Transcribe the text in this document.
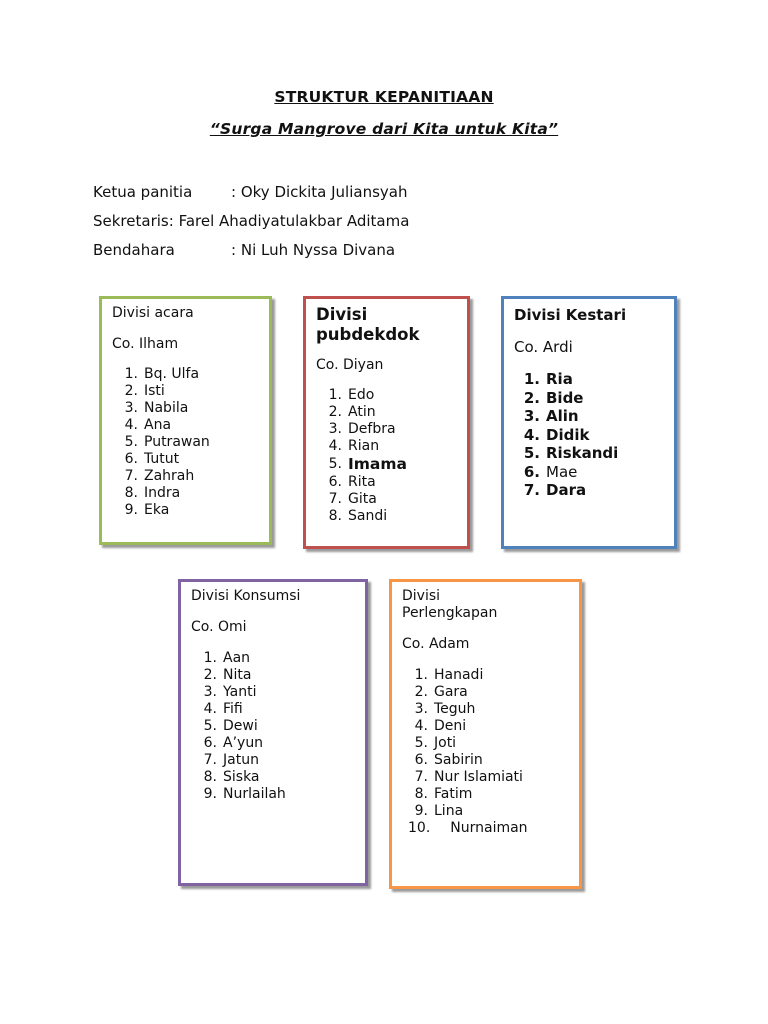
STRUKTUR KEPANITIAAN
“Surga Mangrove dari Kita untuk Kita”
Ketua panitia	: Oky Dickita Juliansyah
Sekretaris: Farel Ahadiyatulakbar Aditama
Bendahara	: Ni Luh Nyssa Divana

Divisi acara

Co. Ilham

1. Bq. Ulfa
2. Isti
3. Nabila
4. Ana
5. Putrawan
6. Tutut
7. Zahrah
8. Indra
9. Eka

Divisi pubdekdok

Co. Diyan

1. Edo
2. Atin
3. Defbra
4. Rian
5. Imama
6. Rita
7. Gita
8. Sandi

Divisi Kestari

Co. Ardi

1. Ria
2. Bide
3. Alin
4. Didik
5. Riskandi
6. Mae
7. Dara

Divisi Konsumsi

Co. Omi

1. Aan
2. Nita
3. Yanti
4. Fifi
5. Dewi
6. A’yun
7. Jatun
8. Siska
9. Nurlailah

Divisi Perlengkapan

Co. Adam

1. Hanadi
2. Gara
3. Teguh
4. Deni
5. Joti
6. Sabirin
7. Nur Islamiati
8. Fatim
9. Lina
10. Nurnaiman
